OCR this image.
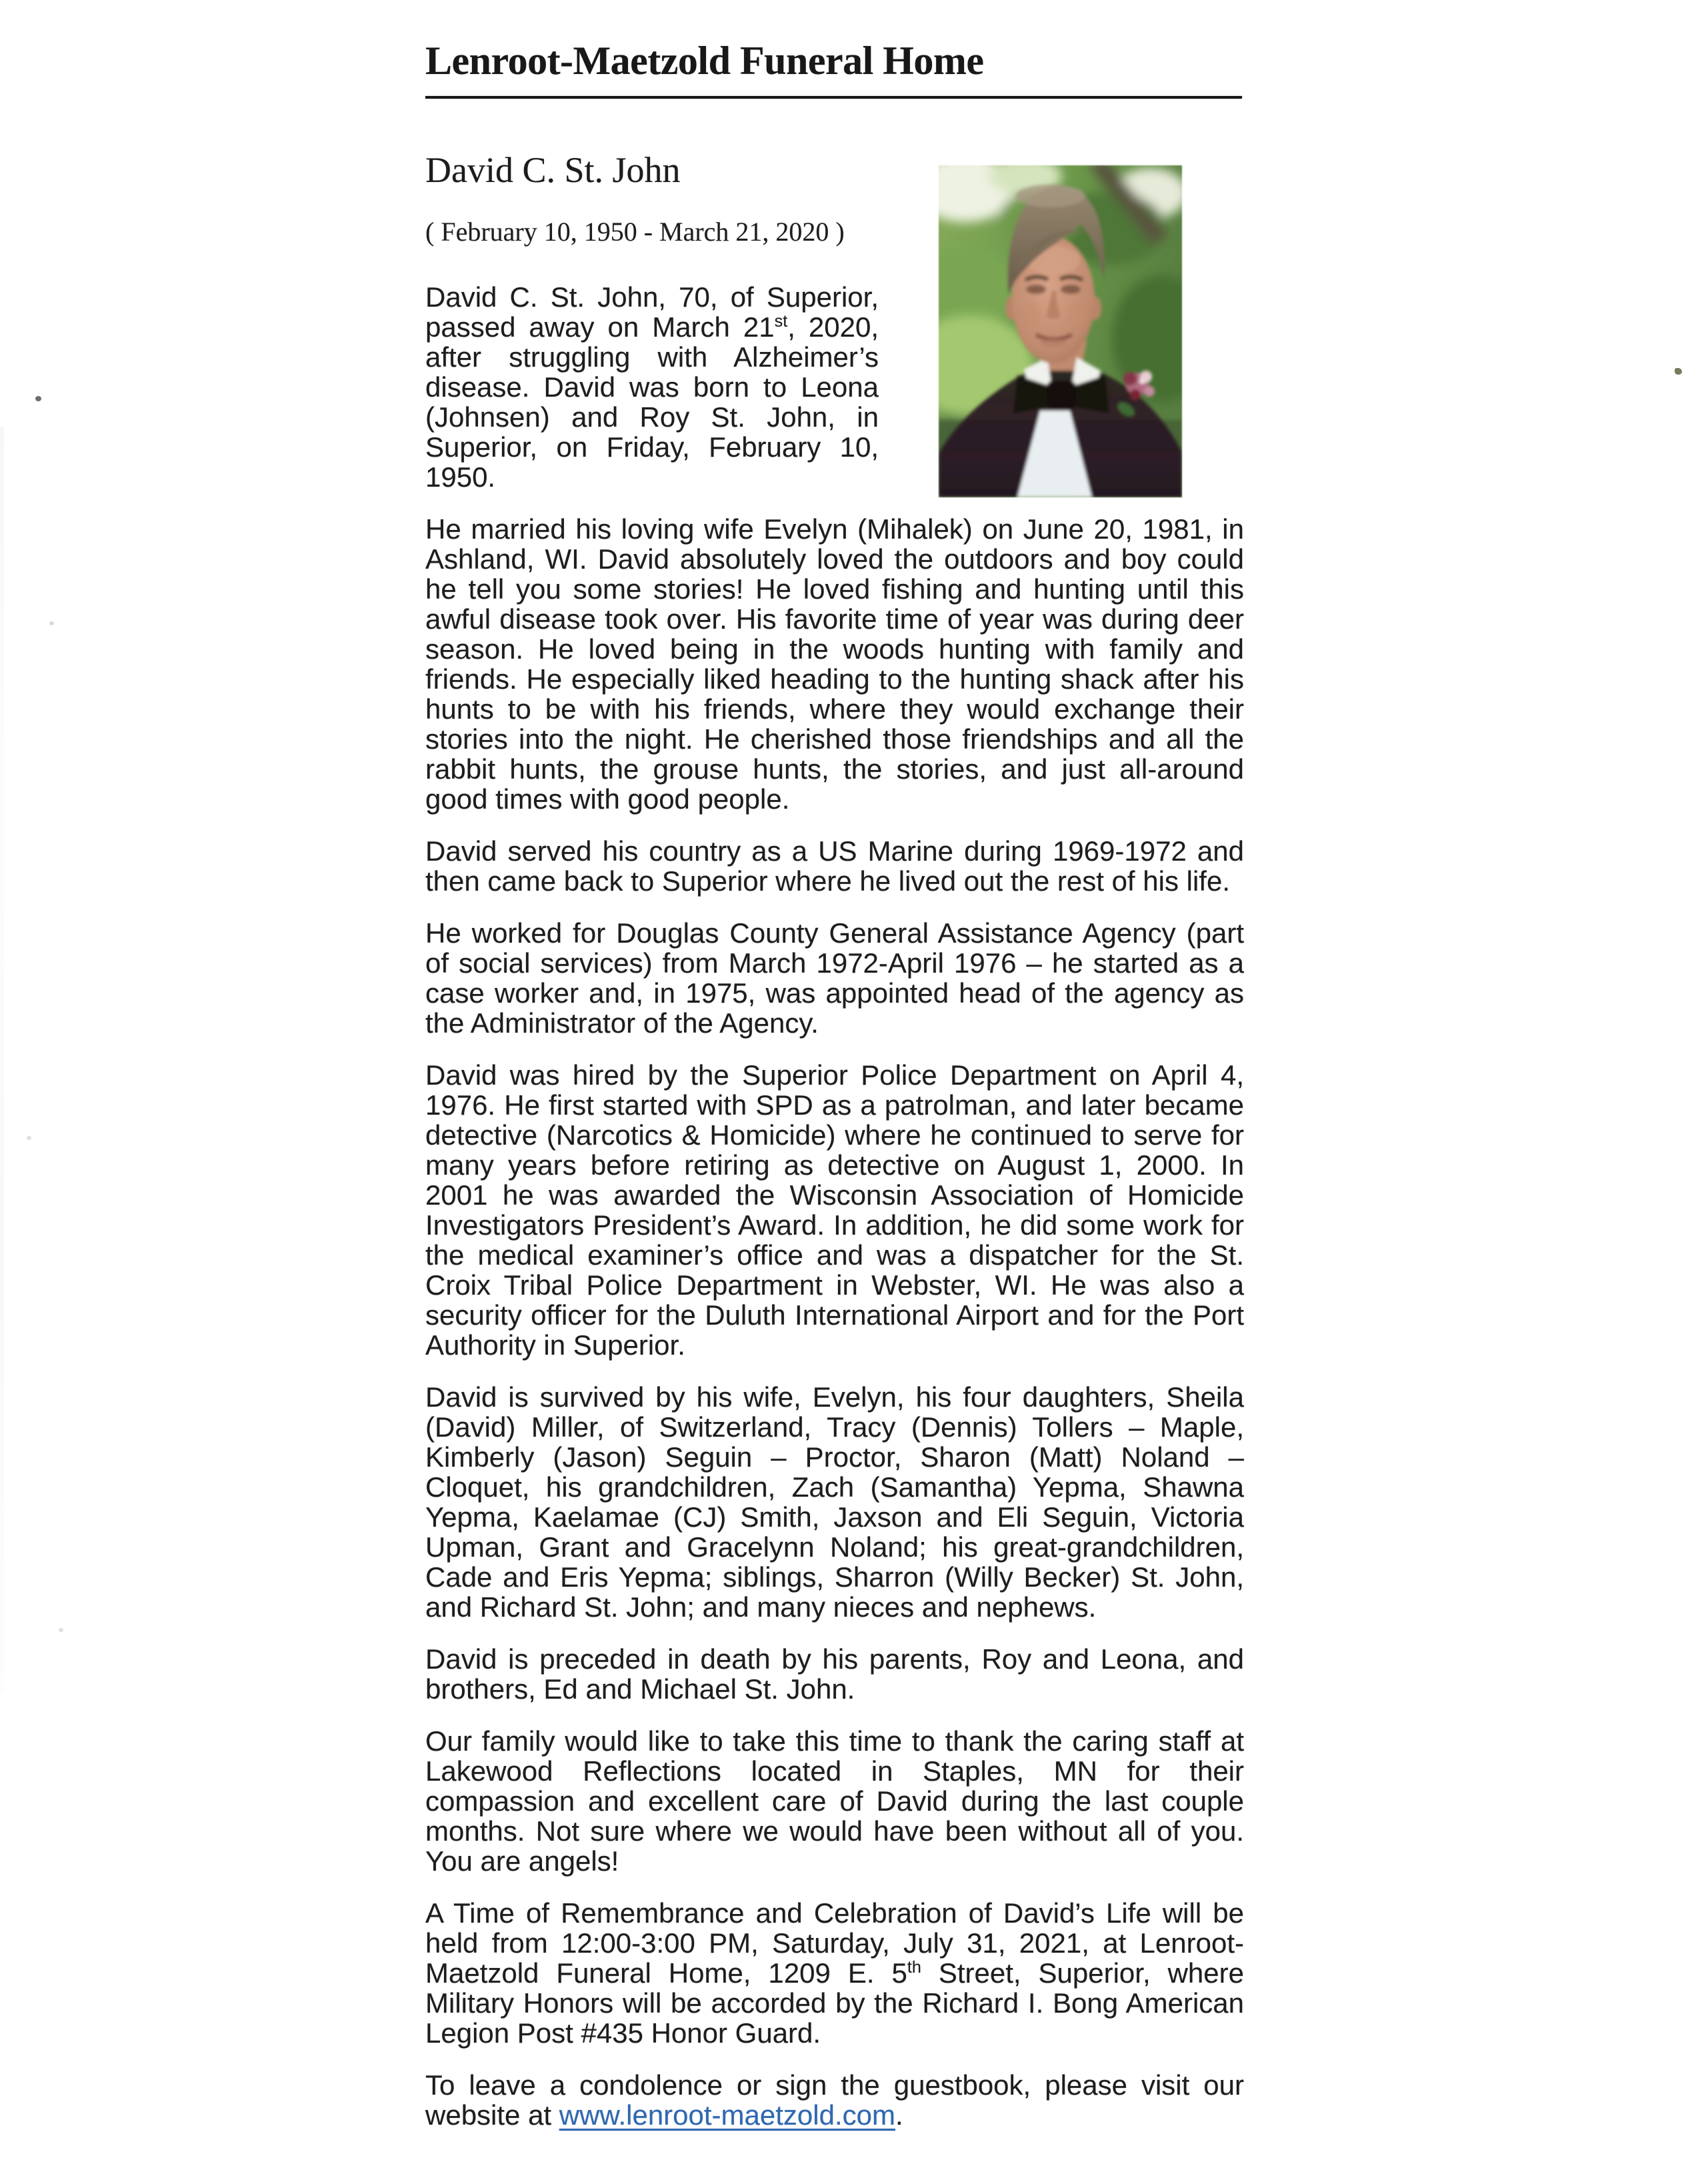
Lenroot-Maetzold Funeral Home
David C. St. John
( February 10, 1950 - March 21, 2020 )

David C. St. John, 70, of Superior, passed away on March 21st, 2020, after struggling with Alzheimer’s disease. David was born to Leona (Johnsen) and Roy St. John, in Superior, on Friday, February 10, 1950.

He married his loving wife Evelyn (Mihalek) on June 20, 1981, in Ashland, WI. David absolutely loved the outdoors and boy could he tell you some stories! He loved fishing and hunting until this awful disease took over. His favorite time of year was during deer season. He loved being in the woods hunting with family and friends. He especially liked heading to the hunting shack after his hunts to be with his friends, where they would exchange their stories into the night. He cherished those friendships and all the rabbit hunts, the grouse hunts, the stories, and just all-around good times with good people.

David served his country as a US Marine during 1969-1972 and then came back to Superior where he lived out the rest of his life.

He worked for Douglas County General Assistance Agency (part of social services) from March 1972-April 1976 – he started as a case worker and, in 1975, was appointed head of the agency as the Administrator of the Agency.

David was hired by the Superior Police Department on April 4, 1976. He first started with SPD as a patrolman, and later became detective (Narcotics & Homicide) where he continued to serve for many years before retiring as detective on August 1, 2000. In 2001 he was awarded the Wisconsin Association of Homicide Investigators President’s Award. In addition, he did some work for the medical examiner’s office and was a dispatcher for the St. Croix Tribal Police Department in Webster, WI. He was also a security officer for the Duluth International Airport and for the Port Authority in Superior.

David is survived by his wife, Evelyn, his four daughters, Sheila (David) Miller, of Switzerland, Tracy (Dennis) Tollers – Maple, Kimberly (Jason) Seguin – Proctor, Sharon (Matt) Noland – Cloquet, his grandchildren, Zach (Samantha) Yepma, Shawna Yepma, Kaelamae (CJ) Smith, Jaxson and Eli Seguin, Victoria Upman, Grant and Gracelynn Noland; his great-grandchildren, Cade and Eris Yepma; siblings, Sharron (Willy Becker) St. John, and Richard St. John; and many nieces and nephews.

David is preceded in death by his parents, Roy and Leona, and brothers, Ed and Michael St. John.

Our family would like to take this time to thank the caring staff at Lakewood Reflections located in Staples, MN for their compassion and excellent care of David during the last couple months. Not sure where we would have been without all of you. You are angels!

A Time of Remembrance and Celebration of David’s Life will be held from 12:00-3:00 PM, Saturday, July 31, 2021, at Lenroot-Maetzold Funeral Home, 1209 E. 5th Street, Superior, where Military Honors will be accorded by the Richard I. Bong American Legion Post #435 Honor Guard.

To leave a condolence or sign the guestbook, please visit our website at www.lenroot-maetzold.com.
